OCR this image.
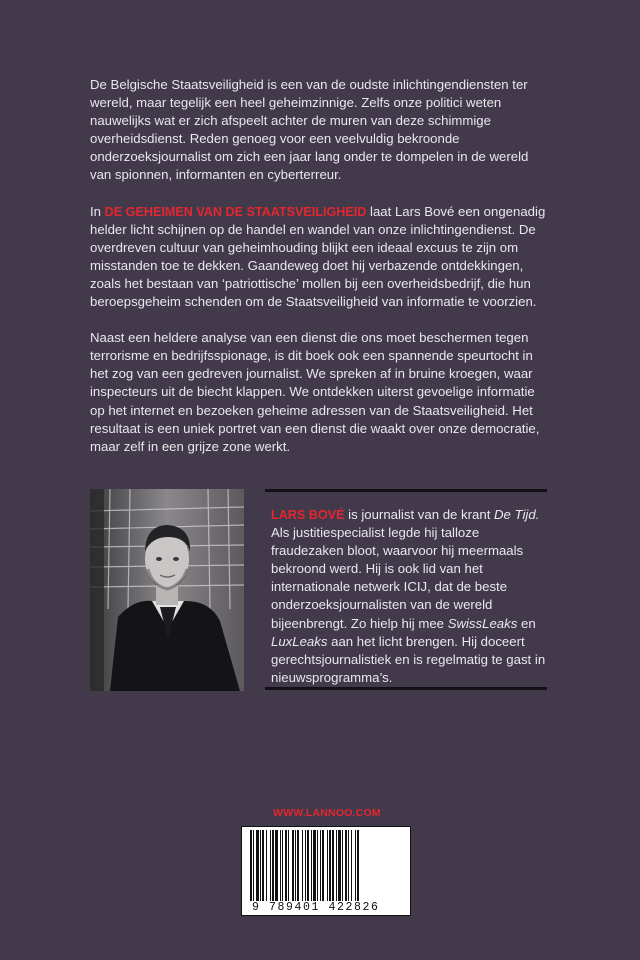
De Belgische Staatsveiligheid is een van de oudste inlichtingendiensten ter wereld, maar tegelijk een heel geheimzinnige. Zelfs onze politici weten nauwelijks wat er zich afspeelt achter de muren van deze schimmige overheidsdienst. Reden genoeg voor een veelvuldig bekroonde onderzoeksjournalist om zich een jaar lang onder te dompelen in de wereld van spionnen, informanten en cyberterreur.

In DE GEHEIMEN VAN DE STAATSVEILIGHEID laat Lars Bové een ongenadig helder licht schijnen op de handel en wandel van onze inlichtingendienst. De overdreven cultuur van geheimhouding blijkt een ideaal excuus te zijn om misstanden toe te dekken. Gaandeweg doet hij verbazende ontdekkingen, zoals het bestaan van ‘patriottische’ mollen bij een overheidsbedrijf, die hun beroepsgeheim schenden om de Staatsveiligheid van informatie te voorzien.

Naast een heldere analyse van een dienst die ons moet beschermen tegen terrorisme en bedrijfsspionage, is dit boek ook een spannende speurtocht in het zog van een gedreven journalist. We spreken af in bruine kroegen, waar inspecteurs uit de biecht klappen. We ontdekken uiterst gevoelige informatie op het internet en bezoeken geheime adressen van de Staatsveiligheid. Het resultaat is een uniek portret van een dienst die waakt over onze democratie, maar zelf in een grijze zone werkt.

LARS BOVÉ is journalist van de krant De Tijd. Als justitiespecialist legde hij talloze fraudezaken bloot, waarvoor hij meermaals bekroond werd. Hij is ook lid van het internationale netwerk ICIJ, dat de beste onderzoeksjournalisten van de wereld bijeenbrengt. Zo hielp hij mee SwissLeaks en LuxLeaks aan het licht brengen. Hij doceert gerechtsjournalistiek en is regelmatig te gast in nieuwsprogramma’s.
WWW.LANNOO.COM
9 789401 422826
